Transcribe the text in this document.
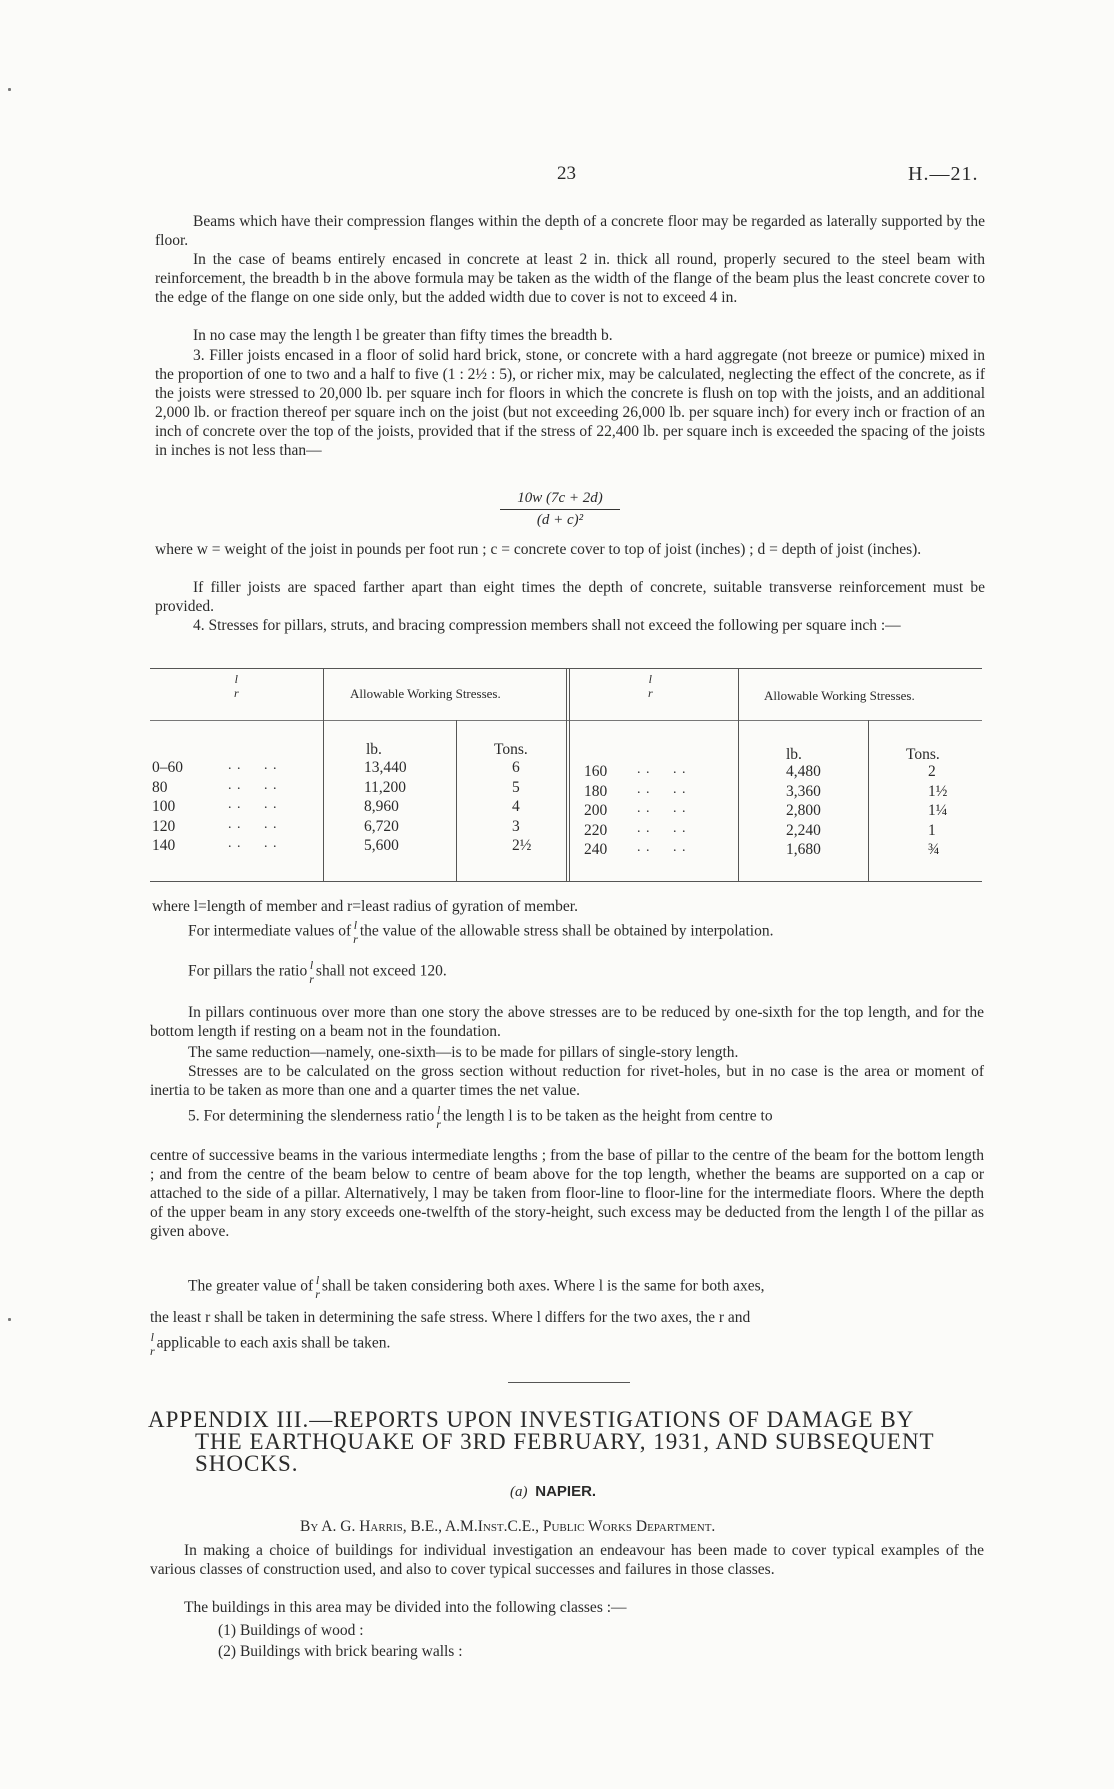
23	H.—21.
Beams which have their compression flanges within the depth of a concrete floor may be regarded as laterally supported by the floor.
In the case of beams entirely encased in concrete at least 2 in. thick all round, properly secured to the steel beam with reinforcement, the breadth b in the above formula may be taken as the width of the flange of the beam plus the least concrete cover to the edge of the flange on one side only, but the added width due to cover is not to exceed 4 in.
In no case may the length l be greater than fifty times the breadth b.
3. Filler joists encased in a floor of solid hard brick, stone, or concrete with a hard aggregate (not breeze or pumice) mixed in the proportion of one to two and a half to five (1 : 2½ : 5), or richer mix, may be calculated, neglecting the effect of the concrete, as if the joists were stressed to 20,000 lb. per square inch for floors in which the concrete is flush on top with the joists, and an additional 2,000 lb. or fraction thereof per square inch on the joist (but not exceeding 26,000 lb. per square inch) for every inch or fraction of an inch of concrete over the top of the joists, provided that if the stress of 22,400 lb. per square inch is exceeded the spacing of the joists in inches is not less than—
$\frac{10w (7c + 2d)}{\text{(d + c)²}}$
where w = weight of the joist in pounds per foot run ; c = concrete cover to top of joist (inches) ; d = depth of joist (inches).
If filler joists are spaced farther apart than eight times the depth of concrete, suitable transverse reinforcement must be provided.
4. Stresses for pillars, struts, and bracing compression members shall not exceed the following per square inch :—
l
r
l
r
Allowable Working Stresses.	Allowable Working Stresses.
lb.	Tons.	lb.	Tons.
0–60	13,440	6
. .     . .
80	11,200	5
. .     . .
100	8,960	4
. .     . .
120	6,720	3
. .     . .
140	5,600	2½
. .     . .
160	4,480	2
. .     . .
180	3,360	1½
. .     . .
200	2,800	1¼
. .     . .
220	2,240	1
. .     . .
240	1,680	¾
. .     . .
where l=length of member and r=least radius of gyration of member.
For intermediate values of l
r the value of the allowable stress shall be obtained by interpolation.
For pillars the ratio l
r shall not exceed 120.
In pillars continuous over more than one story the above stresses are to be reduced by one-sixth for the top length, and for the bottom length if resting on a beam not in the foundation.
The same reduction—namely, one-sixth—is to be made for pillars of single-story length.
Stresses are to be calculated on the gross section without reduction for rivet-holes, but in no case is the area or moment of inertia to be taken as more than one and a quarter times the net value.
5. For determining the slenderness ratio l
r the length l is to be taken as the height from centre to
centre of successive beams in the various intermediate lengths ; from the base of pillar to the centre of the beam for the bottom length ; and from the centre of the beam below to centre of beam above for the top length, whether the beams are supported on a cap or attached to the side of a pillar. Alternatively, l may be taken from floor-line to floor-line for the intermediate floors. Where the depth of the upper beam in any story exceeds one-twelfth of the story-height, such excess may be deducted from the length l of the pillar as given above.
The greater value of l
r shall be taken considering both axes. Where l is the same for both axes,
the least r shall be taken in determining the safe stress. Where l differs for the two axes, the r and
l
r applicable to each axis shall be taken.
APPENDIX III.—REPORTS UPON INVESTIGATIONS OF DAMAGE BY
THE EARTHQUAKE OF 3RD FEBRUARY, 1931, AND SUBSEQUENT
SHOCKS.
(a) NAPIER.
By A. G. Harris, B.E., A.M.Inst.C.E., Public Works Department.
In making a choice of buildings for individual investigation an endeavour has been made to cover typical examples of the various classes of construction used, and also to cover typical successes and failures in those classes.
The buildings in this area may be divided into the following classes :—
(1) Buildings of wood :
(2) Buildings with brick bearing walls :
